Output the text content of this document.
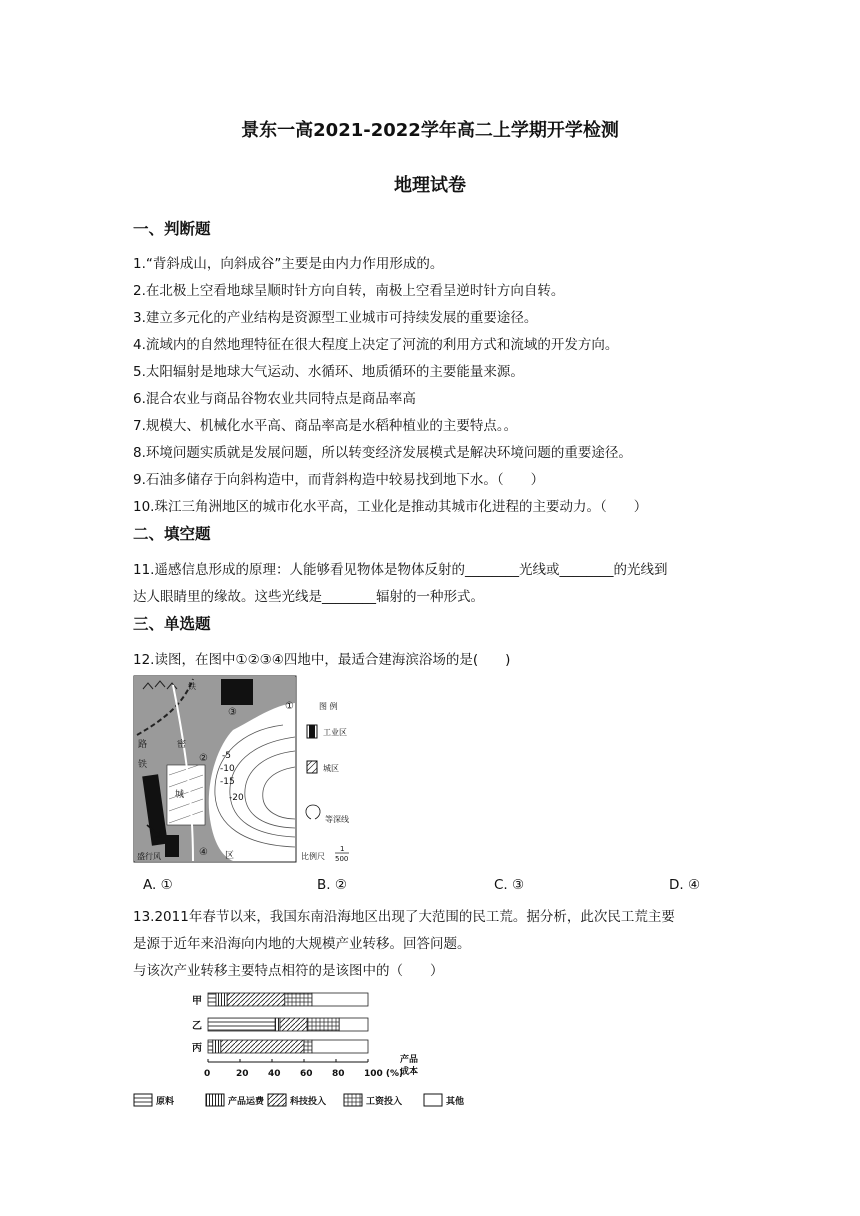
景东一高2021-2022学年高二上学期开学检测
地理试卷
一、判断题
1.“背斜成山，向斜成谷”主要是由内力作用形成的。
2.在北极上空看地球呈顺时针方向自转，南极上空看呈逆时针方向自转。
3.建立多元化的产业结构是资源型工业城市可持续发展的重要途径。
4.流域内的自然地理特征在很大程度上决定了河流的利用方式和流域的开发方向。
5.太阳辐射是地球大气运动、水循环、地质循环的主要能量来源。
6.混合农业与商品谷物农业共同特点是商品率高
7.规模大、机械化水平高、商品率高是水稻种植业的主要特点。。
8.环境问题实质就是发展问题，所以转变经济发展模式是解决环境问题的重要途径。
9.石油多储存于向斜构造中，而背斜构造中较易找到地下水。（　　）
10.珠江三角洲地区的城市化水平高，工业化是推动其城市化进程的主要动力。（　　）
二、填空题
11.遥感信息形成的原理：人能够看见物体是物体反射的________光线或________的光线到
达人眼睛里的缘故。这些光线是________辐射的一种形式。
三、单选题
12.读图，在图中①②③④四地中，最适合建海滨浴场的是(　　)
铁
路
铁
城
密
盛行风	区
①
②
③
④
-5
-10
-15
-20
图 例
工业区
城区
等深线
比例尺
1
500
A. ①	B. ②	C. ③	D. ④
13.2011年春节以来，我国东南沿海地区出现了大范围的民工荒。据分析，此次民工荒主要
是源于近年来沿海向内地的大规模产业转移。回答问题。
与该次产业转移主要特点相符的是该图中的（　　）
甲
乙
丙
0	20 40 60 80 100 (%)
产品
成本
原料	产品运费	科技投入	工资投入	其他
